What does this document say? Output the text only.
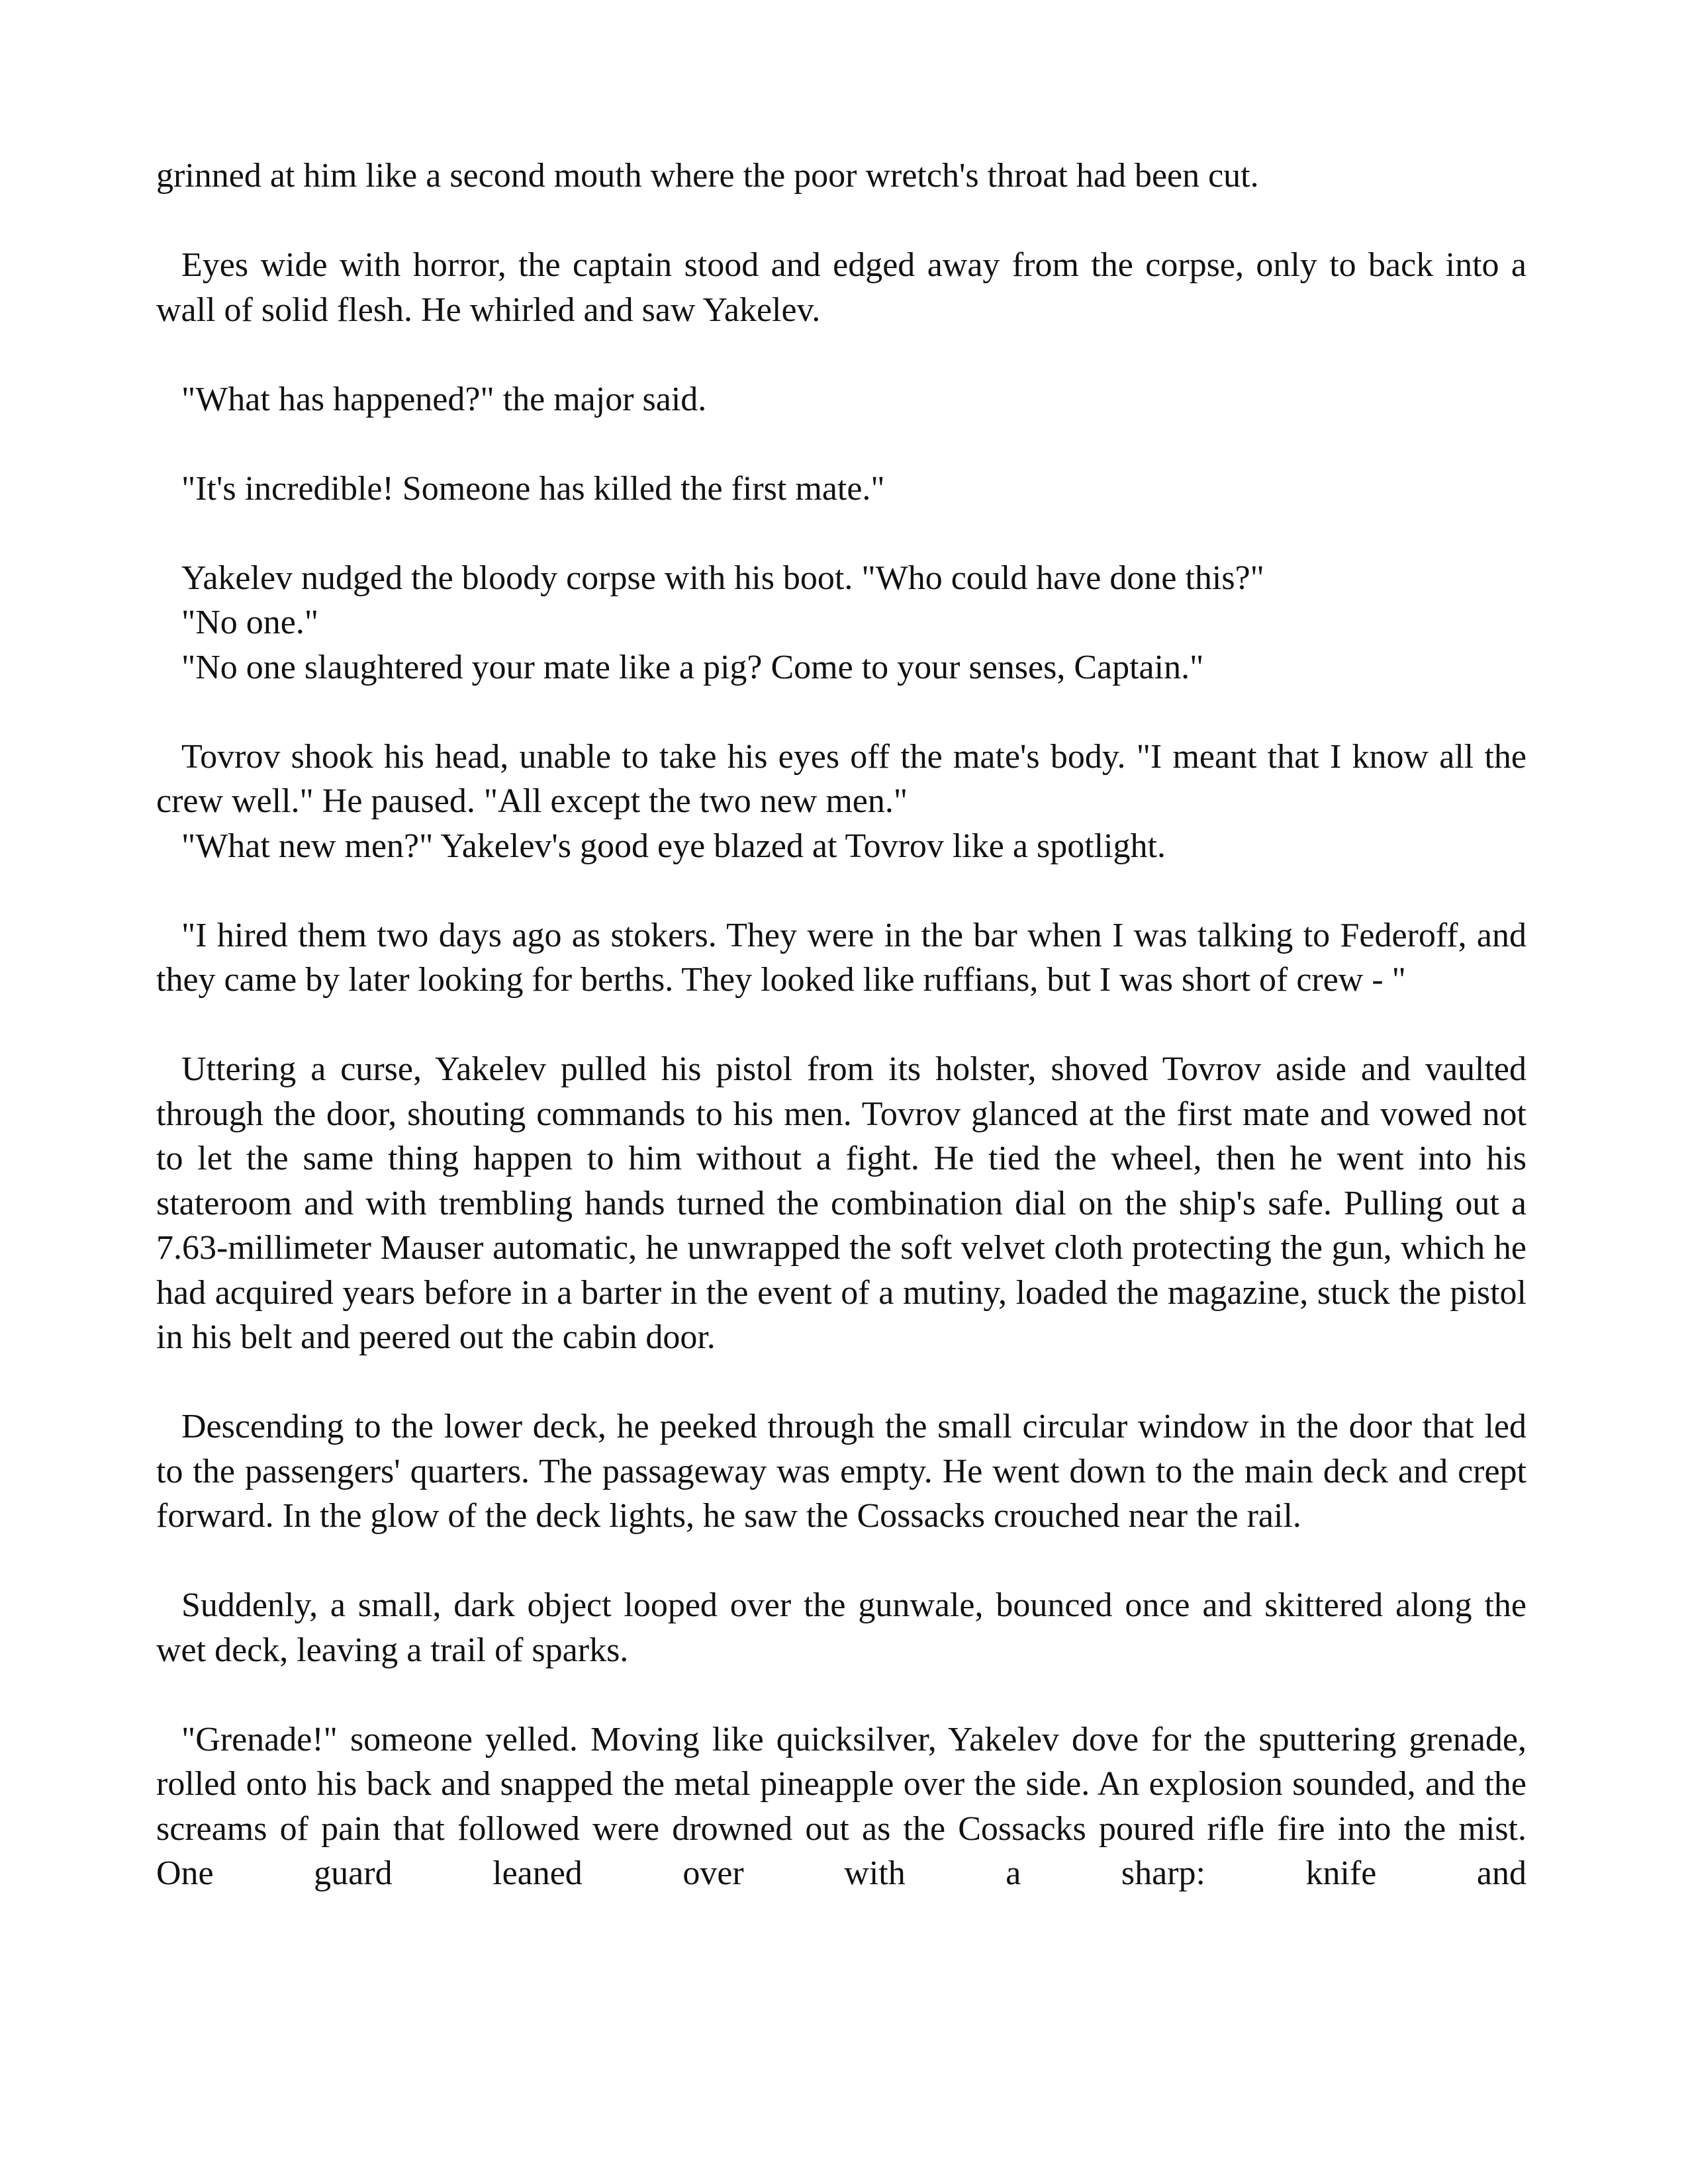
grinned at him like a second mouth where the poor wretch's throat had been cut.

Eyes wide with horror, the captain stood and edged away from the corpse, only to back into a wall of solid flesh. He whirled and saw Yakelev.

"What has happened?" the major said.

"It's incredible! Someone has killed the first mate."

Yakelev nudged the bloody corpse with his boot. "Who could have done this?"

"No one."

"No one slaughtered your mate like a pig? Come to your senses, Captain."

Tovrov shook his head, unable to take his eyes off the mate's body. "I meant that I know all the crew well." He paused. "All except the two new men."

"What new men?" Yakelev's good eye blazed at Tovrov like a spotlight.

"I hired them two days ago as stokers. They were in the bar when I was talking to Federoff, and they came by later looking for berths. They looked like ruffians, but I was short of crew - "

Uttering a curse, Yakelev pulled his pistol from its holster, shoved Tovrov aside and vaulted through the door, shouting commands to his men. Tovrov glanced at the first mate and vowed not to let the same thing happen to him without a fight. He tied the wheel, then he went into his stateroom and with trembling hands turned the combination dial on the ship's safe. Pulling out a 7.63-millimeter Mauser automatic, he unwrapped the soft velvet cloth protecting the gun, which he had acquired years before in a barter in the event of a mutiny, loaded the magazine, stuck the pistol in his belt and peered out the cabin door.

Descending to the lower deck, he peeked through the small circular window in the door that led to the passengers' quarters. The passageway was empty. He went down to the main deck and crept forward. In the glow of the deck lights, he saw the Cossacks crouched near the rail.

Suddenly, a small, dark object looped over the gunwale, bounced once and skittered along the wet deck, leaving a trail of sparks.

"Grenade!" someone yelled. Moving like quicksilver, Yakelev dove for the sputtering grenade, rolled onto his back and snapped the metal pineapple over the side. An explosion sounded, and the screams of pain that followed were drowned out as the Cossacks poured rifle fire into the mist. One guard leaned over with a sharp: knife and
